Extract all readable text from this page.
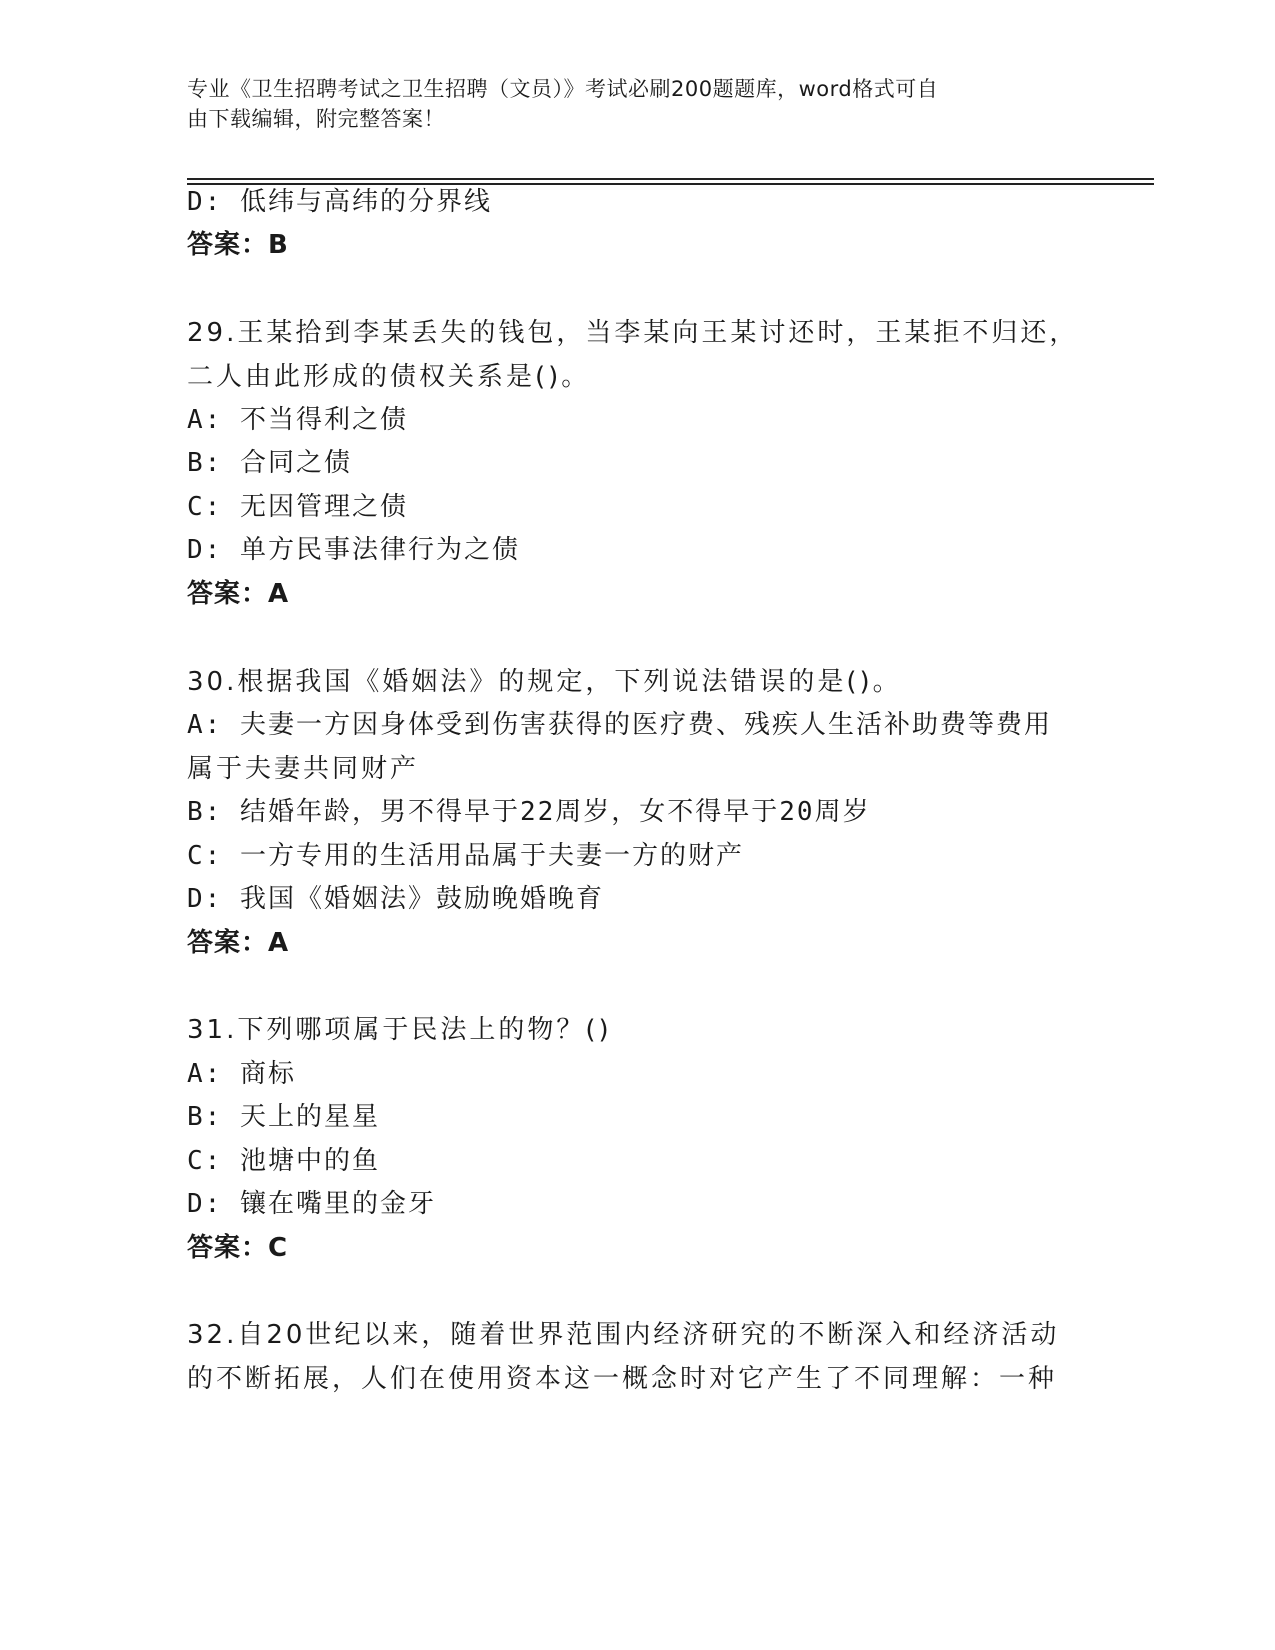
专业《卫生招聘考试之卫生招聘（文员）》考试必刷200题题库，word格式可自
由下载编辑，附完整答案！
D: 低纬与高纬的分界线
答案：B
29.王某拾到李某丢失的钱包，当李某向王某讨还时，王某拒不归还，
二人由此形成的债权关系是()。
A: 不当得利之债
B: 合同之债
C: 无因管理之债
D: 单方民事法律行为之债
答案：A
30.根据我国《婚姻法》的规定，下列说法错误的是()。
A: 夫妻一方因身体受到伤害获得的医疗费、残疾人生活补助费等费用
属于夫妻共同财产
B: 结婚年龄，男不得早于22周岁，女不得早于20周岁
C: 一方专用的生活用品属于夫妻一方的财产
D: 我国《婚姻法》鼓励晚婚晚育
答案：A
31.下列哪项属于民法上的物？()
A: 商标
B: 天上的星星
C: 池塘中的鱼
D: 镶在嘴里的金牙
答案：C
32.自20世纪以来，随着世界范围内经济研究的不断深入和经济活动
的不断拓展，人们在使用资本这一概念时对它产生了不同理解：一种
